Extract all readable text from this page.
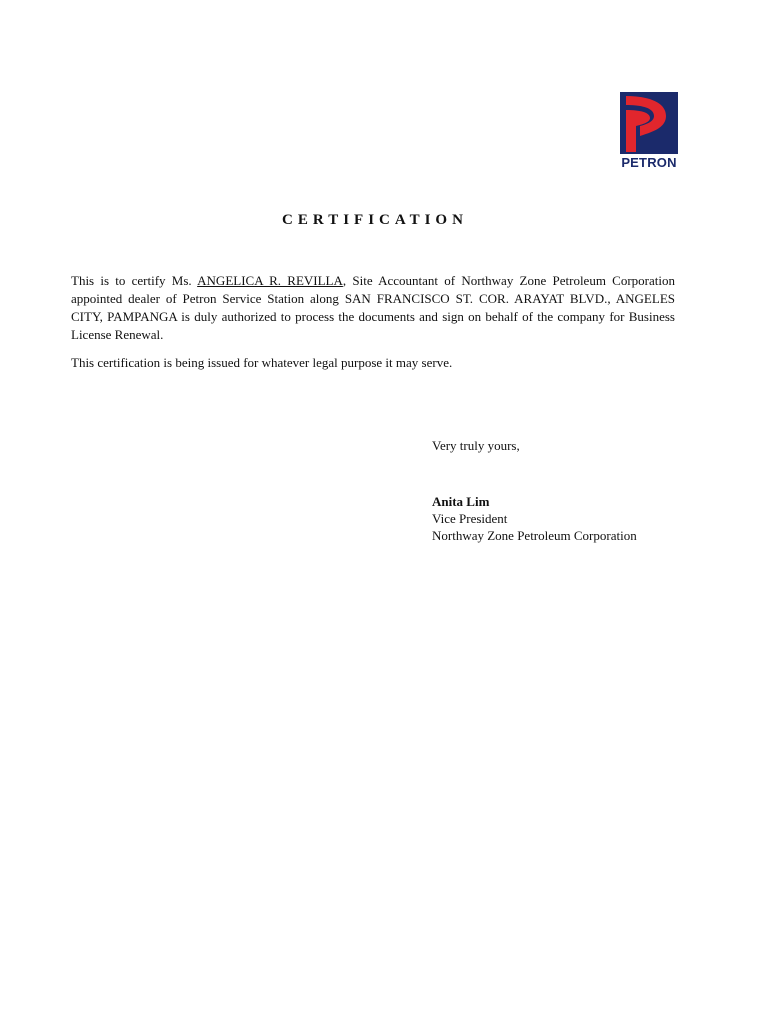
PETRON
CERTIFICATION
This is to certify Ms. ANGELICA R. REVILLA, Site Accountant of Northway Zone Petroleum Corporation appointed dealer of Petron Service Station along SAN FRANCISCO ST. COR. ARAYAT BLVD., ANGELES CITY, PAMPANGA is duly authorized to process the documents and sign on behalf of the company for Business License Renewal.
This certification is being issued for whatever legal purpose it may serve.
Very truly yours,
Anita Lim
Vice President
Northway Zone Petroleum Corporation
